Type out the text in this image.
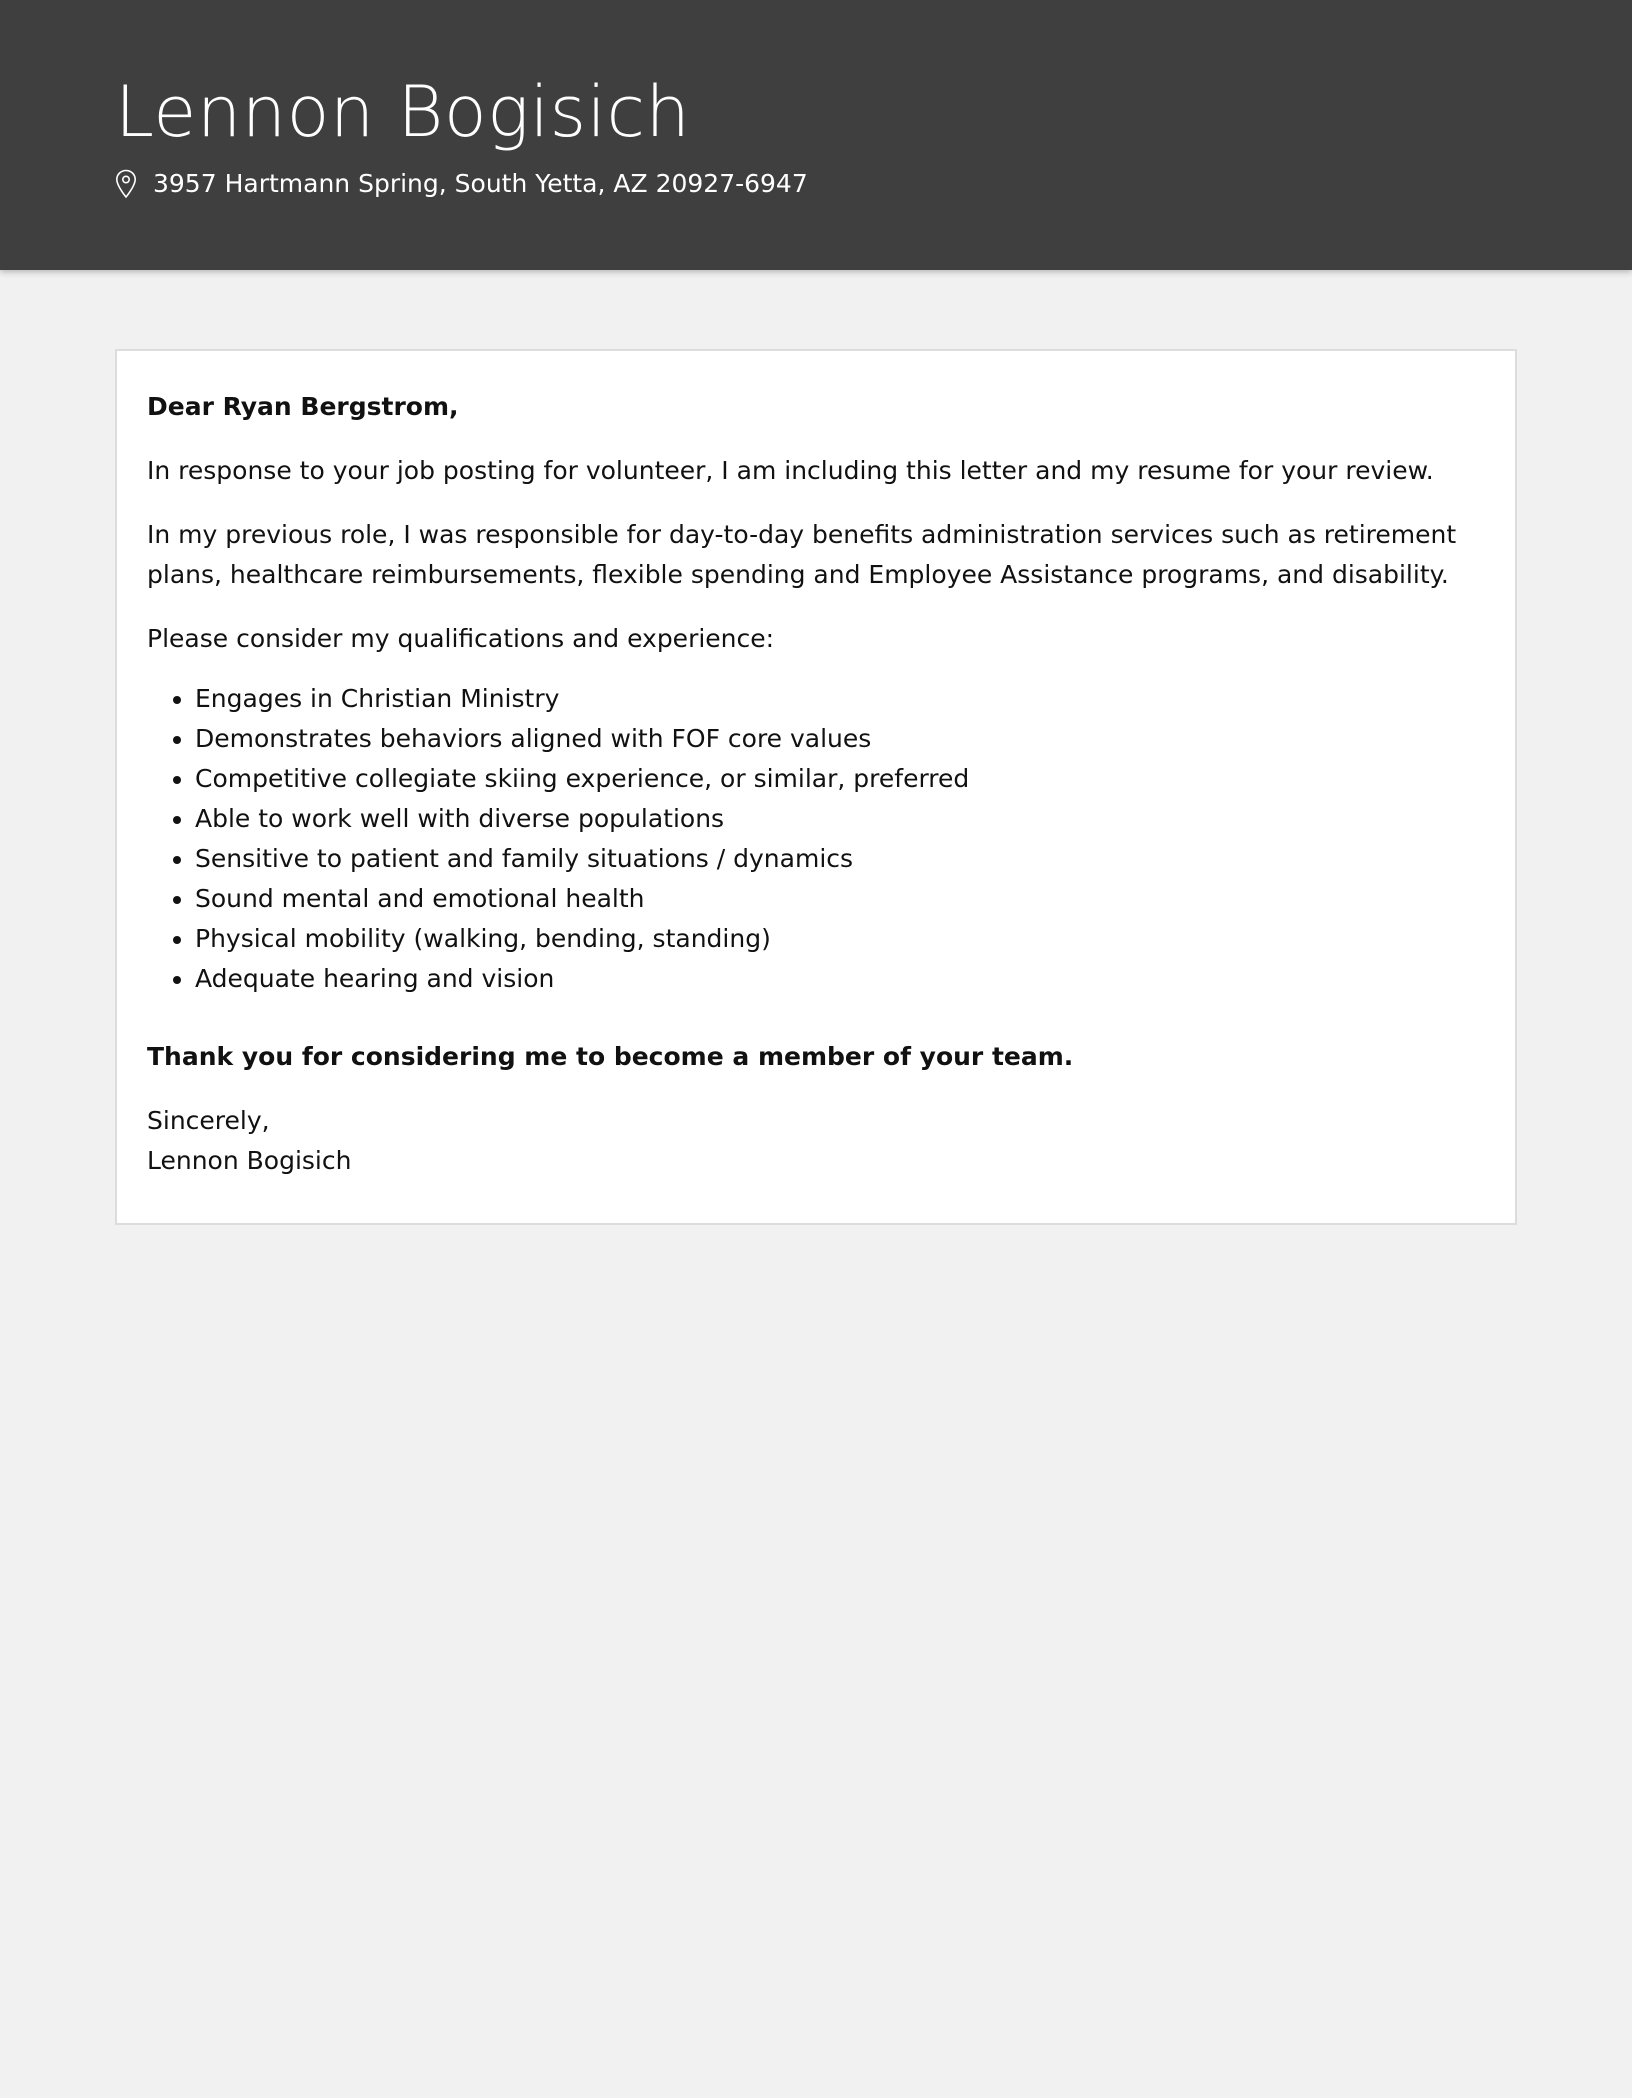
Lennon Bogisich
3957 Hartmann Spring, South Yetta, AZ 20927-6947

Dear Ryan Bergstrom,

In response to your job posting for volunteer, I am including this letter and my resume for your review.

In my previous role, I was responsible for day-to-day benefits administration services such as retirement plans, healthcare reimbursements, flexible spending and Employee Assistance programs, and disability.

Please consider my qualifications and experience:

• Engages in Christian Ministry
• Demonstrates behaviors aligned with FOF core values
• Competitive collegiate skiing experience, or similar, preferred
• Able to work well with diverse populations
• Sensitive to patient and family situations / dynamics
• Sound mental and emotional health
• Physical mobility (walking, bending, standing)
• Adequate hearing and vision

Thank you for considering me to become a member of your team.

Sincerely,
Lennon Bogisich
